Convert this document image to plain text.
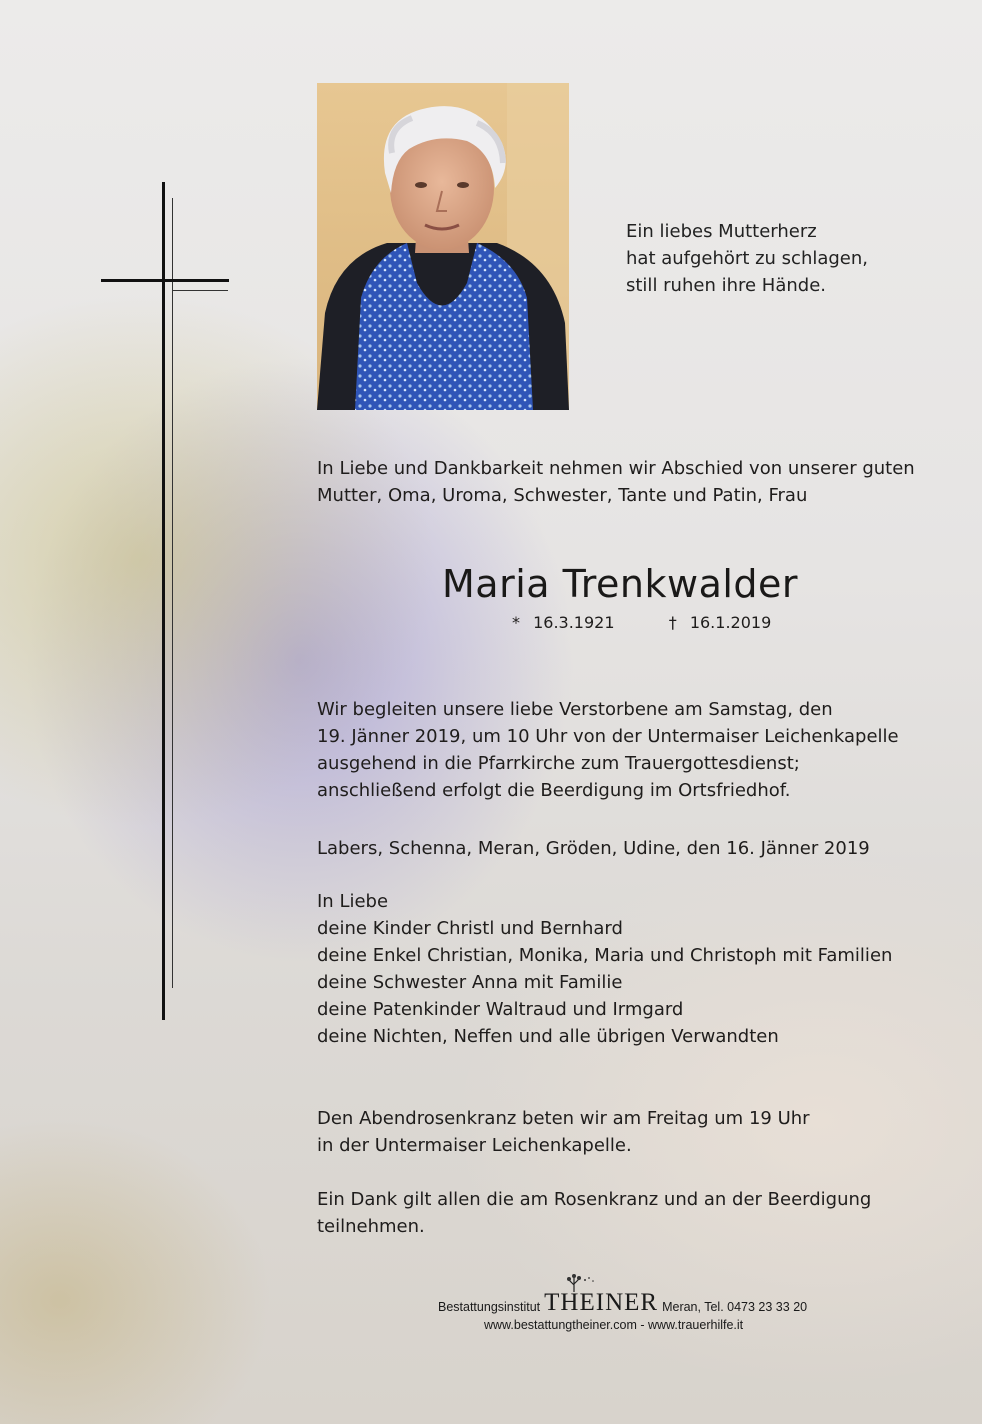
Ein liebes Mutterherz
hat aufgehört zu schlagen,
still ruhen ihre Hände.
In Liebe und Dankbarkeit nehmen wir Abschied von unserer guten
Mutter, Oma, Uroma, Schwester, Tante und Patin, Frau
Maria Trenkwalder
* 16.3.1921	† 16.1.2019
Wir begleiten unsere liebe Verstorbene am Samstag, den
19. Jänner 2019, um 10 Uhr von der Untermaiser Leichenkapelle
ausgehend in die Pfarrkirche zum Trauergottesdienst;
anschließend erfolgt die Beerdigung im Ortsfriedhof.
Labers, Schenna, Meran, Gröden, Udine, den 16. Jänner 2019
In Liebe
deine Kinder Christl und Bernhard
deine Enkel Christian, Monika, Maria und Christoph mit Familien
deine Schwester Anna mit Familie
deine Patenkinder Waltraud und Irmgard
deine Nichten, Neffen und alle übrigen Verwandten
Den Abendrosenkranz beten wir am Freitag um 19 Uhr
in der Untermaiser Leichenkapelle.
Ein Dank gilt allen die am Rosenkranz und an der Beerdigung
teilnehmen.
Bestattungsinstitut THEINER Meran, Tel. 0473 23 33 20
www.bestattungtheiner.com - www.trauerhilfe.it
